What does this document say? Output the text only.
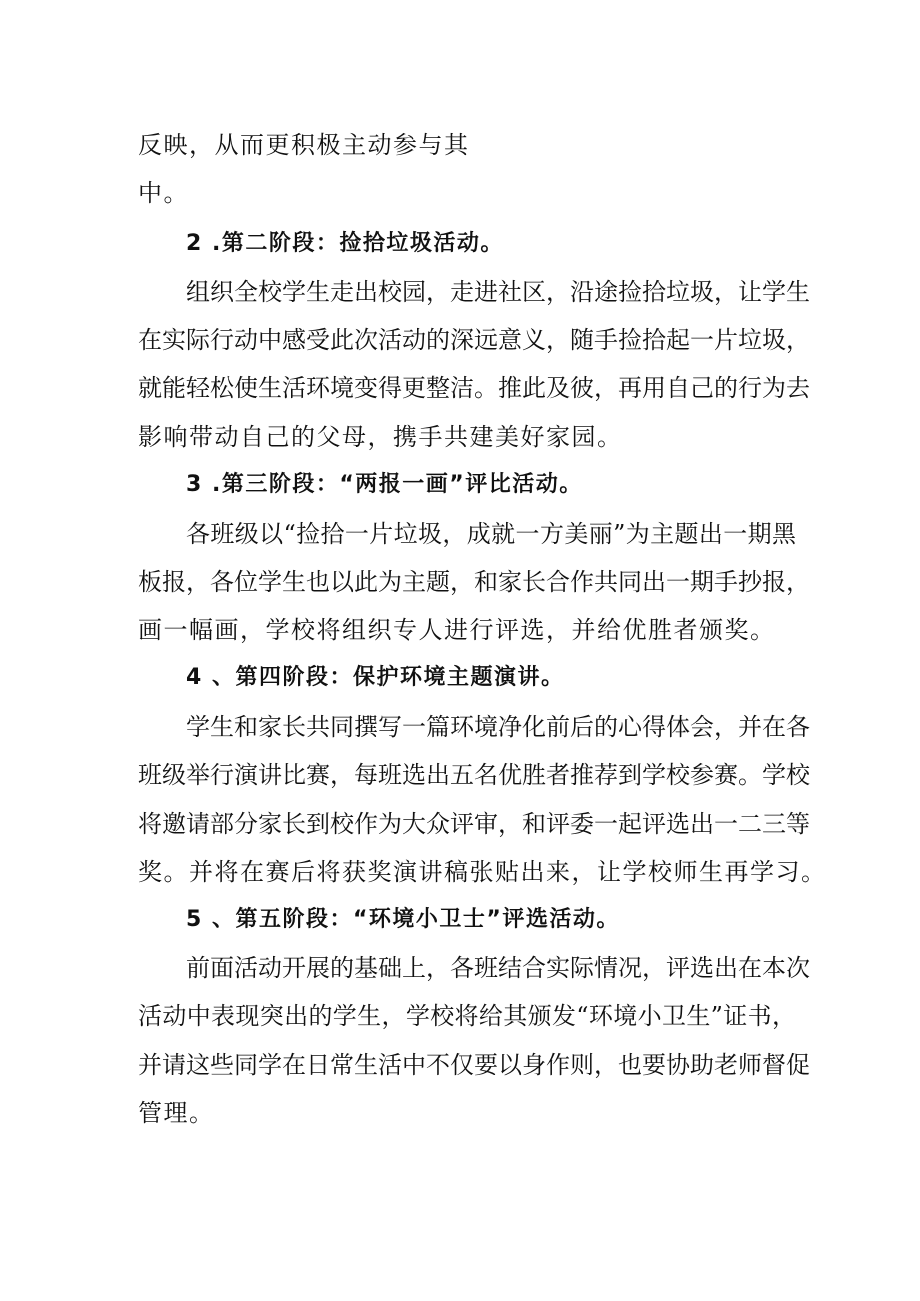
反映，从而更积极主动参与其
中。
2 .第二阶段：捡拾垃圾活动。
组织全校学生走出校园，走进社区，沿途捡拾垃圾，让学生
在实际行动中感受此次活动的深远意义，随手捡拾起一片垃圾，
就能轻松使生活环境变得更整洁。推此及彼，再用自己的行为去
影响带动自己的父母，携手共建美好家园。
3 .第三阶段：“两报一画”评比活动。
各班级以“捡拾一片垃圾，成就一方美丽”为主题出一期黑
板报，各位学生也以此为主题，和家长合作共同出一期手抄报，
画一幅画，学校将组织专人进行评选，并给优胜者颁奖。
4 、第四阶段：保护环境主题演讲。
学生和家长共同撰写一篇环境净化前后的心得体会，并在各
班级举行演讲比赛，每班选出五名优胜者推荐到学校参赛。学校
将邀请部分家长到校作为大众评审，和评委一起评选出一二三等
奖。并将在赛后将获奖演讲稿张贴出来，让学校师生再学习。
5 、第五阶段：“环境小卫士”评选活动。
前面活动开展的基础上，各班结合实际情况，评选出在本次
活动中表现突出的学生，学校将给其颁发“环境小卫生”证书，
并请这些同学在日常生活中不仅要以身作则，也要协助老师督促
管理。
